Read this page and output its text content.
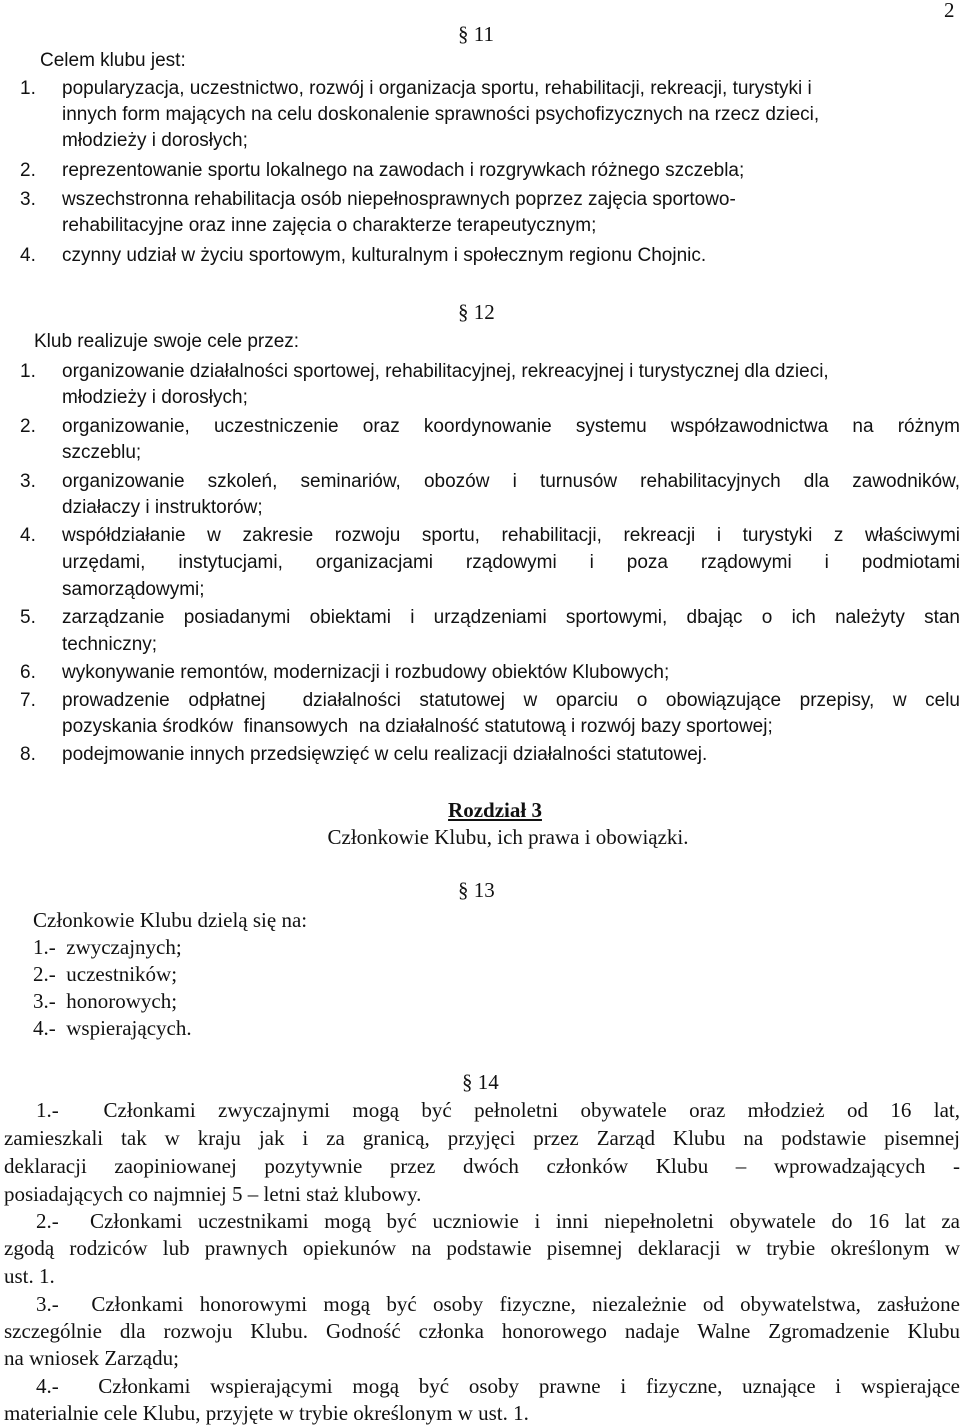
2
§ 11
Celem klubu jest:
1. popularyzacja, uczestnictwo, rozwój i organizacja sportu, rehabilitacji, rekreacji, turystyki i
innych form mających na celu doskonalenie sprawności psychofizycznych na rzecz dzieci,
młodzieży i dorosłych;
2. reprezentowanie sportu lokalnego na zawodach i rozgrywkach różnego szczebla;
3. wszechstronna rehabilitacja osób niepełnosprawnych poprzez zajęcia sportowo-
rehabilitacyjne oraz inne zajęcia o charakterze terapeutycznym;
4. czynny udział w życiu sportowym, kulturalnym i społecznym regionu Chojnic.
§ 12
Klub realizuje swoje cele przez:
1. organizowanie działalności sportowej, rehabilitacyjnej, rekreacyjnej i turystycznej dla dzieci,
młodzieży i dorosłych;
2. organizowanie, uczestniczenie oraz koordynowanie systemu współzawodnictwa na różnym
szczeblu;
3. organizowanie szkoleń, seminariów, obozów i turnusów rehabilitacyjnych dla zawodników,
działaczy i instruktorów;
4. współdziałanie w zakresie rozwoju sportu, rehabilitacji, rekreacji i turystyki z właściwymi
urzędami, instytucjami, organizacjami rządowymi i poza rządowymi i podmiotami
samorządowymi;
5. zarządzanie posiadanymi obiektami i urządzeniami sportowymi, dbając o ich należyty stan
techniczny;
6. wykonywanie remontów, modernizacji i rozbudowy obiektów Klubowych;
7. prowadzenie odpłatnej  działalności statutowej w oparciu o obowiązujące przepisy, w celu
pozyskania środków  finansowych  na działalność statutową i rozwój bazy sportowej;
8. podejmowanie innych przedsięwzięć w celu realizacji działalności statutowej.
Rozdział 3
Członkowie Klubu, ich prawa i obowiązki.
§ 13
Członkowie Klubu dzielą się na:
1.-  zwyczajnych;
2.-  uczestników;
3.-  honorowych;
4.-  wspierających.
§ 14
1.-  Członkami zwyczajnymi mogą być pełnoletni obywatele oraz młodzież od 16 lat,
zamieszkali tak w kraju jak i za granicą, przyjęci przez Zarząd Klubu na podstawie pisemnej
deklaracji zaopiniowanej pozytywnie przez dwóch członków Klubu – wprowadzających -
posiadających co najmniej 5 – letni staż klubowy.
2.-  Członkami uczestnikami mogą być uczniowie i inni niepełnoletni obywatele do 16 lat za
zgodą rodziców lub prawnych opiekunów na podstawie pisemnej deklaracji w trybie określonym w
ust. 1.
3.-  Członkami honorowymi mogą być osoby fizyczne, niezależnie od obywatelstwa, zasłużone
szczególnie dla rozwoju Klubu. Godność członka honorowego nadaje Walne Zgromadzenie Klubu
na wniosek Zarządu;
4.-  Członkami wspierającymi mogą być osoby prawne i fizyczne, uznające i wspierające
materialnie cele Klubu, przyjęte w trybie określonym w ust. 1.
